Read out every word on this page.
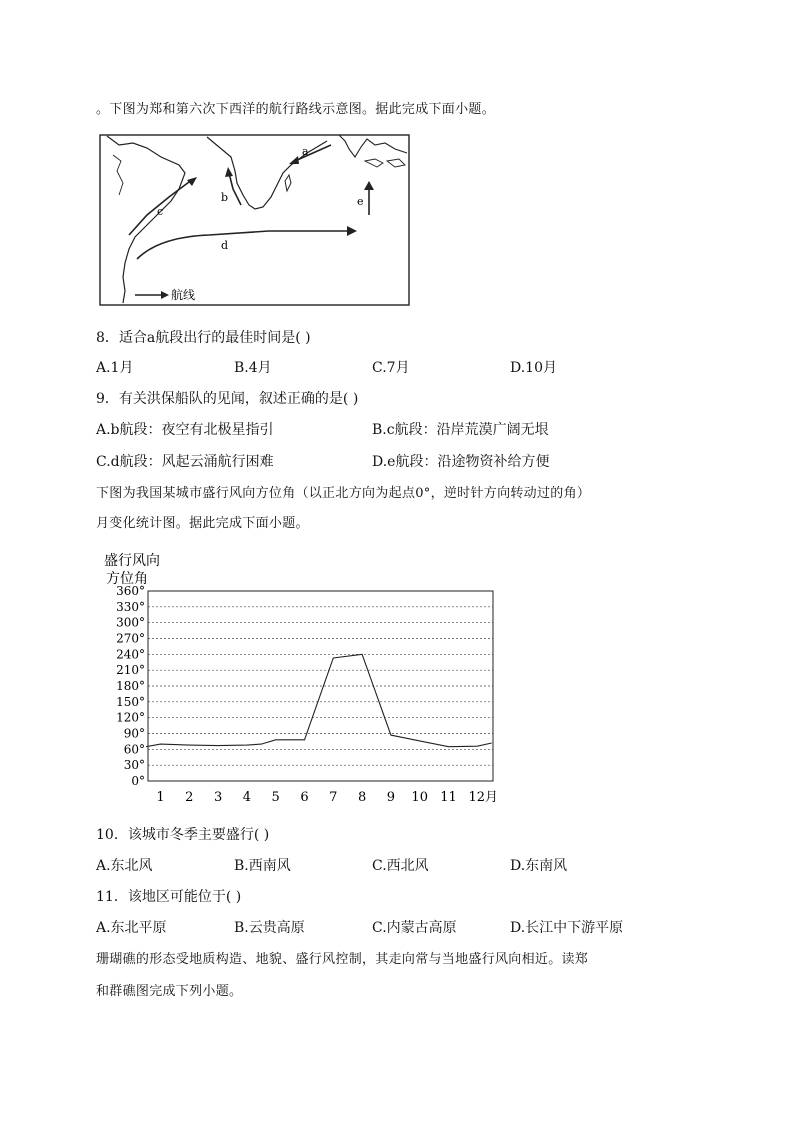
。下图为郑和第六次下西洋的航行路线示意图。据此完成下面小题。
a
b
c
d
e
航线
8．适合a航段出行的最佳时间是( )
A.1月	B.4月	C.7月	D.10月
9．有关洪保船队的见闻，叙述正确的是( )
A.b航段：夜空有北极星指引	B.c航段：沿岸荒漠广阔无垠
C.d航段：风起云涌航行困难	D.e航段：沿途物资补给方便
下图为我国某城市盛行风向方位角（以正北方向为起点0°，逆时针方向转动过的角）
月变化统计图。据此完成下面小题。
盛行风向
方位角
360°
330°
300°
270°
240°
210°
180°
150°
120°
90°
60°
30°
0°
1 2 3 4 5 6 7 8 9 10 11 12月
10．该城市冬季主要盛行( )
A.东北风	B.西南风	C.西北风	D.东南风
11．该地区可能位于( )
A.东北平原	B.云贵高原	C.内蒙古高原	D.长江中下游平原
珊瑚礁的形态受地质构造、地貌、盛行风控制，其走向常与当地盛行风向相近。读郑
和群礁图完成下列小题。
